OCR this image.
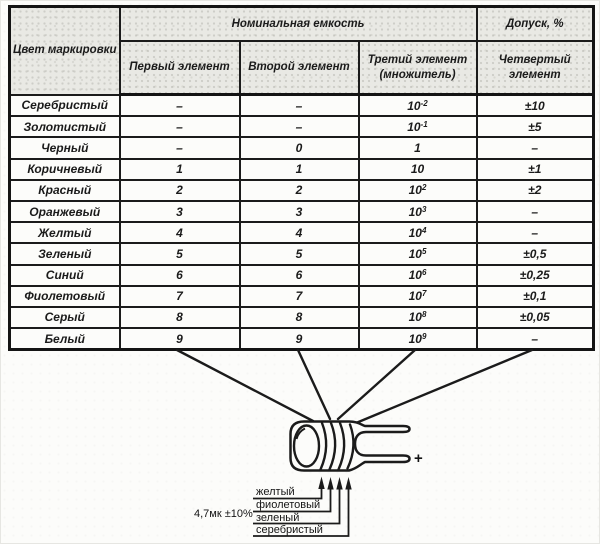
Цвет маркировки	Номинальная емкость			Допуск, %
	Первый элемент	Второй элемент	Третий элемент (множитель)	Четвертый элемент
Серебристый	–	–	$10^{-2}$	±10
Золотистый	–	–	$10^{-1}$	±5
Черный	–	0	1	–
Коричневый	1	1	10	±1
Красный	2	2	$10^2$	±2
Оранжевый	3	3	$10^3$	–
Желтый	4	4	$10^4$	–
Зеленый	5	5	$10^5$	±0,5
Синий	6	6	$10^6$	±0,25
Фиолетовый	7	7	$10^7$	±0,1
Серый	8	8	$10^8$	±0,05
Белый	9	9	$10^9$	–
+
4,7мк ±10%
желтый
фиолетовый
зеленый
серебристый
